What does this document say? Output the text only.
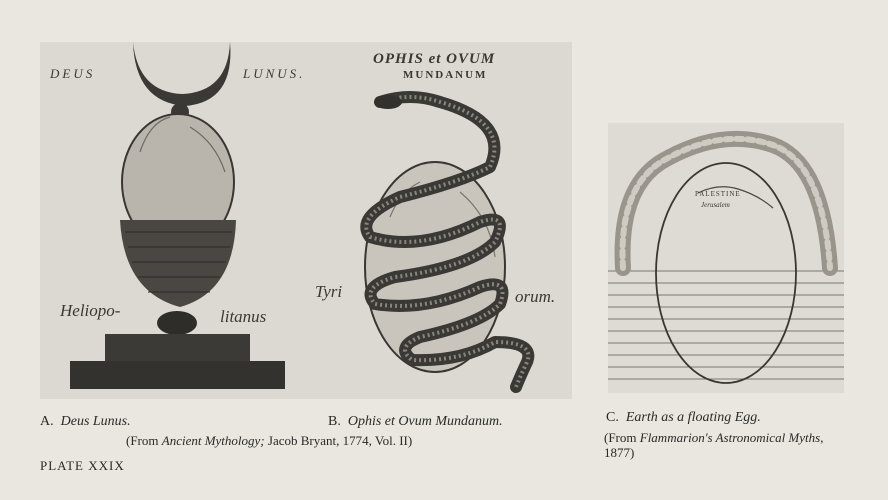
DEUS	LUNUS.
Heliopo-	litanus
OPHIS et OVUM
MUNDANUM
Tyri	orum.
PALESTINE
Jerusalem
A. Deus Lunus.	B. Ophis et Ovum Mundanum.
(From Ancient Mythology; Jacob Bryant, 1774, Vol. II)
C. Earth as a floating Egg.
(From Flammarion's Astronomical Myths,
1877)
PLATE XXIX
